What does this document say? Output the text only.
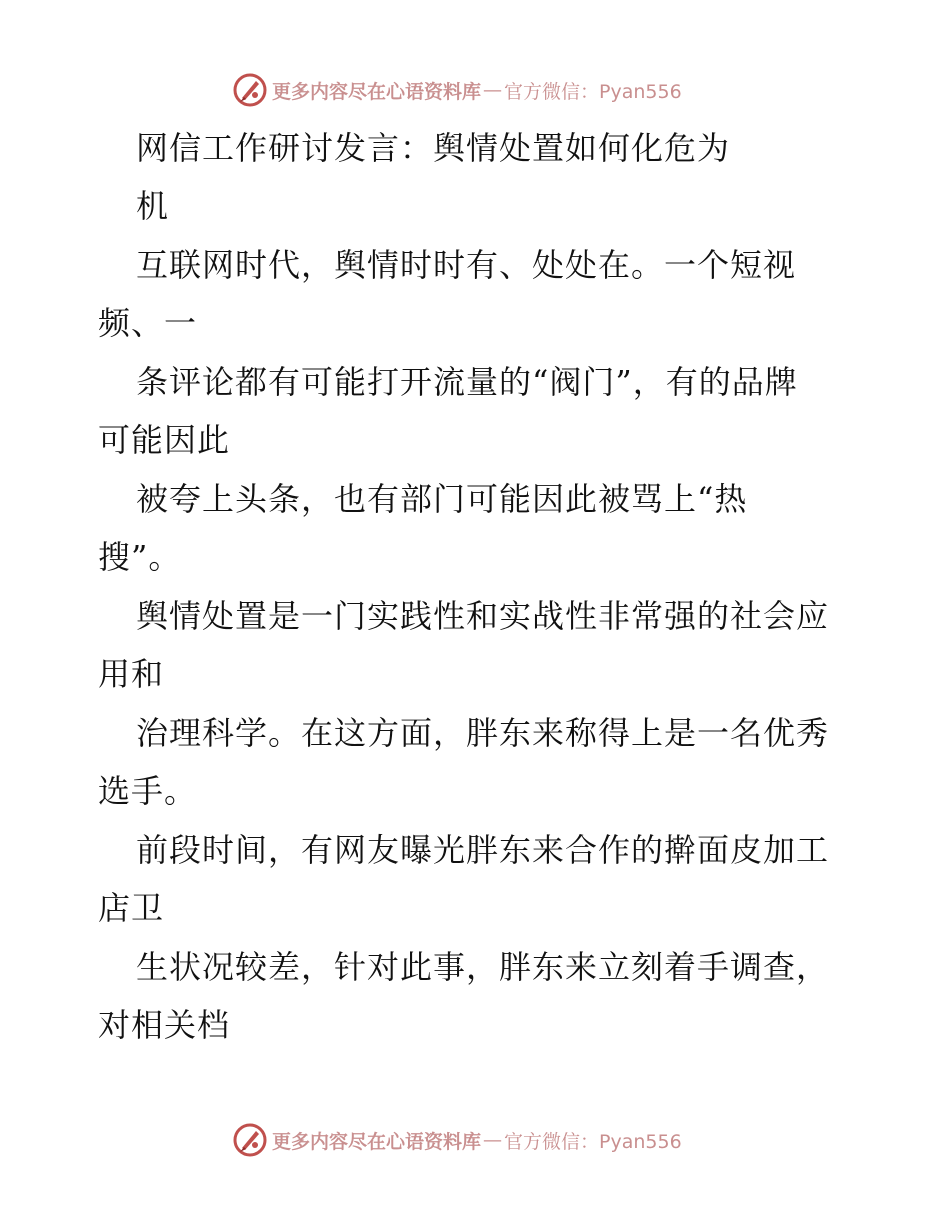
更多内容尽在心语资料库 — 官方微信：Pyan556
网信工作研讨发言：舆情处置如何化危为
机
互联网时代，舆情时时有、处处在。一个短视
频、一
条评论都有可能打开流量的“阀门”，有的品牌
可能因此
被夸上头条，也有部门可能因此被骂上“热
搜”。
舆情处置是一门实践性和实战性非常强的社会应
用和
治理科学。在这方面，胖东来称得上是一名优秀
选手。
前段时间，有网友曝光胖东来合作的擀面皮加工
店卫
生状况较差，针对此事，胖东来立刻着手调查，
对相关档
更多内容尽在心语资料库 — 官方微信：Pyan556
